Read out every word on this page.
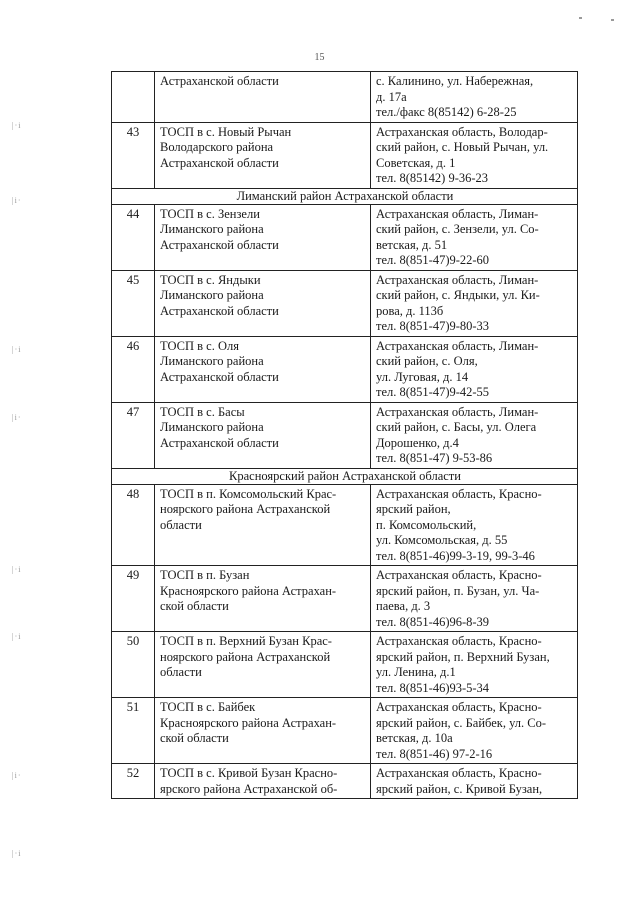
15
|·i
|i·
|·i
|i·
|·i
|·i
|i·
|·i
	Астраханской области	с. Калинино, ул. Набережная,
д. 17а
тел./факс 8(85142) 6-28-25
43	ТОСП в с. Новый Рычан
Володарского района
Астраханской области	Астраханская область, Володар-
ский район, с. Новый Рычан, ул.
Советская, д. 1
тел. 8(85142) 9-36-23
Лиманский район Астраханской области		
44	ТОСП в с. Зензели
Лиманского района
Астраханской области	Астраханская область, Лиман-
ский район, с. Зензели, ул. Со-
ветская, д. 51
тел. 8(851-47)9-22-60
45	ТОСП в с. Яндыки
Лиманского района
Астраханской области	Астраханская область, Лиман-
ский район, с. Яндыки, ул. Ки-
рова, д. 113б
тел. 8(851-47)9-80-33
46	ТОСП в с. Оля
Лиманского района
Астраханской области	Астраханская область, Лиман-
ский район, с. Оля,
ул. Луговая, д. 14
тел. 8(851-47)9-42-55
47	ТОСП в с. Басы
Лиманского района
Астраханской области	Астраханская область, Лиман-
ский район, с. Басы, ул. Олега
Дорошенко, д.4
тел. 8(851-47) 9-53-86
Красноярский район Астраханской области		
48	ТОСП в п. Комсомольский Крас-
ноярского района Астраханской
области	Астраханская область, Красно-
ярский район,
п. Комсомольский,
ул. Комсомольская, д. 55
тел. 8(851-46)99-3-19, 99-3-46
49	ТОСП в п. Бузан
Красноярского района Астрахан-
ской области	Астраханская область, Красно-
ярский район, п. Бузан, ул. Ча-
паева, д. 3
тел. 8(851-46)96-8-39
50	ТОСП в п. Верхний Бузан Крас-
ноярского района Астраханской
области	Астраханская область, Красно-
ярский район, п. Верхний Бузан,
ул. Ленина, д.1
тел. 8(851-46)93-5-34
51	ТОСП в с. Байбек
Красноярского района Астрахан-
ской области	Астраханская область, Красно-
ярский район, с. Байбек, ул. Со-
ветская, д. 10а
тел. 8(851-46) 97-2-16
52	ТОСП в с. Кривой Бузан Красно-
ярского района Астраханской об-	Астраханская область, Красно-
ярский район, с. Кривой Бузан,
